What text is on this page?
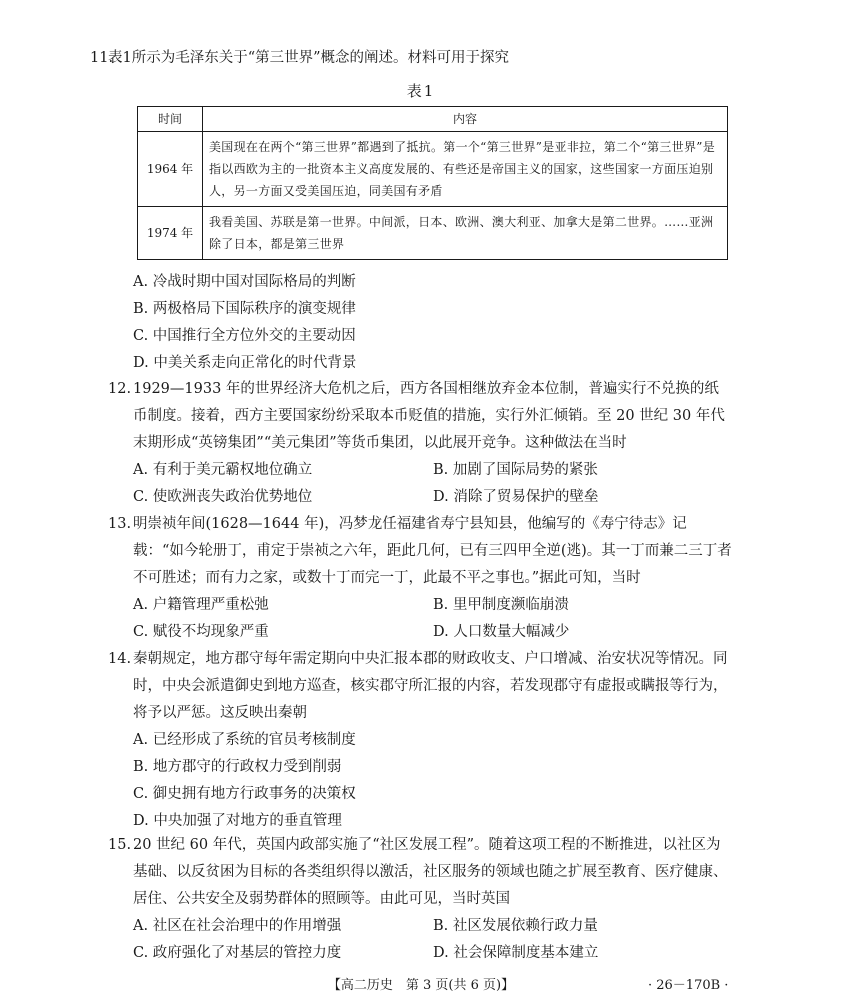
11.
表1所示为毛泽东关于“第三世界”概念的阐述。材料可用于探究
表1
时间	内容
1964 年	美国现在在两个“第三世界”都遇到了抵抗。第一个“第三世界”是亚非拉，第二个“第三世界”是指以西欧为主的一批资本主义高度发展的、有些还是帝国主义的国家，这些国家一方面压迫别人，另一方面又受美国压迫，同美国有矛盾
1974 年	我看美国、苏联是第一世界。中间派，日本、欧洲、澳大利亚、加拿大是第二世界。……亚洲除了日本，都是第三世界
A. 冷战时期中国对国际格局的判断
B. 两极格局下国际秩序的演变规律
C. 中国推行全方位外交的主要动因
D. 中美关系走向正常化的时代背景
12. 1929—1933 年的世界经济大危机之后，西方各国相继放弃金本位制，普遍实行不兑换的纸币制度。接着，西方主要国家纷纷采取本币贬值的措施，实行外汇倾销。至 20 世纪 30 年代末期形成“英镑集团”“美元集团”等货币集团，以此展开竞争。这种做法在当时
A. 有利于美元霸权地位确立	B. 加剧了国际局势的紧张
C. 使欧洲丧失政治优势地位	D. 消除了贸易保护的壁垒
13. 明崇祯年间(1628—1644 年)，冯梦龙任福建省寿宁县知县，他编写的《寿宁待志》记载：“如今轮册丁，甫定于崇祯之六年，距此几何，已有三四甲全逆(逃)。其一丁而兼二三丁者不可胜述；而有力之家，或数十丁而完一丁，此最不平之事也。”据此可知，当时
A. 户籍管理严重松弛	B. 里甲制度濒临崩溃
C. 赋役不均现象严重	D. 人口数量大幅减少
14. 秦朝规定，地方郡守每年需定期向中央汇报本郡的财政收支、户口增减、治安状况等情况。同时，中央会派遣御史到地方巡查，核实郡守所汇报的内容，若发现郡守有虚报或瞒报等行为，将予以严惩。这反映出秦朝
A. 已经形成了系统的官员考核制度
B. 地方郡守的行政权力受到削弱
C. 御史拥有地方行政事务的决策权
D. 中央加强了对地方的垂直管理
15. 20 世纪 60 年代，英国内政部实施了“社区发展工程”。随着这项工程的不断推进，以社区为基础、以反贫困为目标的各类组织得以激活，社区服务的领域也随之扩展至教育、医疗健康、居住、公共安全及弱势群体的照顾等。由此可见，当时英国
A. 社区在社会治理中的作用增强	B. 社区发展依赖行政力量
C. 政府强化了对基层的管控力度	D. 社会保障制度基本建立
【高二历史　第 3 页(共 6 页)】	· 26－170B ·
